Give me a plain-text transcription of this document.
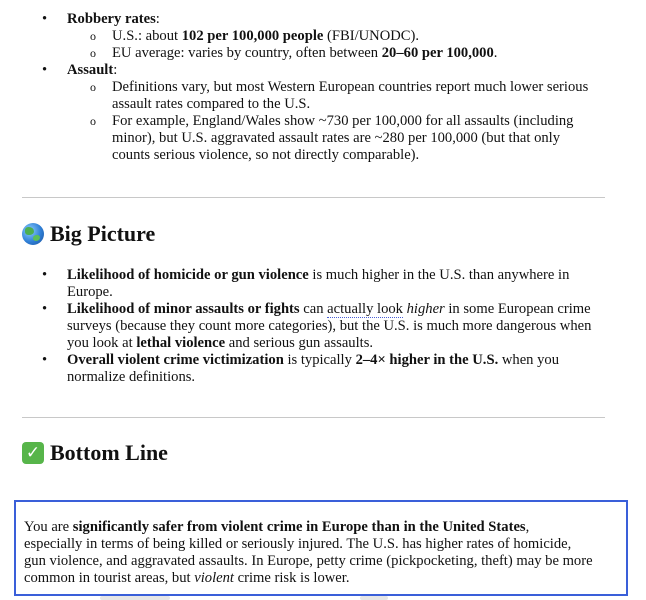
• Robbery rates:
o U.S.: about 102 per 100,000 people (FBI/UNODC).
o EU average: varies by country, often between 20–60 per 100,000.
• Assault:
o Definitions vary, but most Western European countries report much lower serious
assault rates compared to the U.S.
o For example, England/Wales show ~730 per 100,000 for all assaults (including
minor), but U.S. aggravated assault rates are ~280 per 100,000 (but that only
counts serious violence, so not directly comparable).
Big Picture
• Likelihood of homicide or gun violence is much higher in the U.S. than anywhere in
Europe.
• Likelihood of minor assaults or fights can actually look higher in some European crime
surveys (because they count more categories), but the U.S. is much more dangerous when
you look at lethal violence and serious gun assaults.
• Overall violent crime victimization is typically 2–4× higher in the U.S. when you
normalize definitions.
✓ Bottom Line
You are significantly safer from violent crime in Europe than in the United States,
especially in terms of being killed or seriously injured. The U.S. has higher rates of homicide,
gun violence, and aggravated assaults. In Europe, petty crime (pickpocketing, theft) may be more
common in tourist areas, but violent crime risk is lower.
